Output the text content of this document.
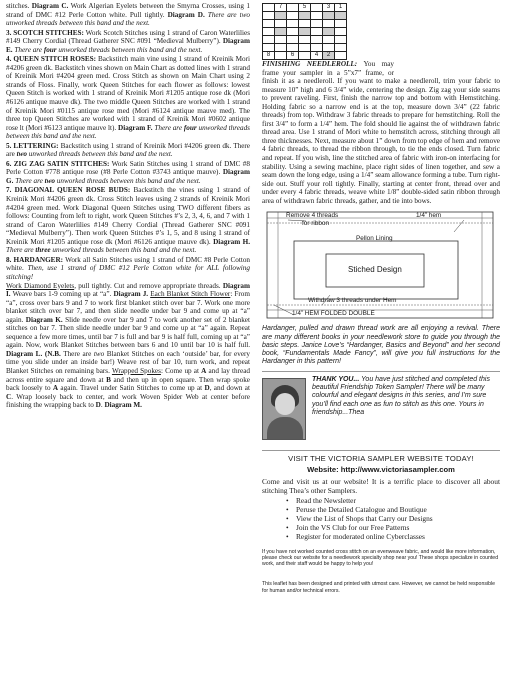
stitches. Diagram C. Work Algerian Eyelets between the Smyrna Crosses, using 1 strand of DMC #12 Perle Cotton white. Pull tightly. Diagram D. There are two unworked threads between this band and the next.

3. SCOTCH STITCHES: Work Scotch Stitches using 1 strand of Caron Waterlilies #149 Cherry Cordial (Thread Gatherer SNC #091 “Medieval Mulberry”). Diagram E. There are four unworked threads between this band and the next.

4. QUEEN STITCH ROSES: Backstitch main vine using 1 strand of Kreinik Mori #4206 green dk. Backstitch vines shown on Main Chart as dotted lines with 1 strand of Kreinik Mori #4204 green med. Cross Stitch as shown on Main Chart using 2 strands of Floss. Finally, work Queen Stitches for each flower as follows: lowest Queen Stitch is worked with 1 strand of Kreinik Mori #1205 antique rose dk (Mori #6126 antique mauve dk). The two middle Queen Stitches are worked with 1 strand of Kreinik Mori #0115 antique rose med (Mori #6124 antique mauve med). The three top Queen Stitches are worked with 1 strand of Kreinik Mori #0602 antique rose lt (Mori #6123 antique mauve lt). Diagram F. There are four unworked threads between this band and the next.

5. LETTERING: Backstitch using 1 strand of Kreinik Mori #4206 green dk. There are two unworked threads between this band and the next.

6. ZIG ZAG SATIN STITCHES: Work Satin Stitches using 1 strand of DMC #8 Perle Cotton #778 antique rose (#8 Perle Cotton #3743 antique mauve). Diagram G. There are two unworked threads between this band and the next.

7. DIAGONAL QUEEN ROSE BUDS: Backstitch the vines using 1 strand of Kreinik Mori #4206 green dk. Cross Stitch leaves using 2 strands of Kreinik Mori #4204 green med. Work Diagonal Queen Stitches using TWO different fibers as follows: Counting from left to right, work Queen Stitches #’s 2, 3, 4, 6, and 7 with 1 strand of Caron Waterlilies #149 Cherry Cordial (Thread Gatherer SNC #091 “Medieval Mulberry”). Then work Queen Stitches #’s 1, 5, and 8 using 1 strand of Kreinik Mori #1205 antique rose dk (Mori #6126 antique mauve dk). Diagram H. There are three unworked threads between this band and the next.

8. HARDANGER: Work all Satin Stitches using 1 strand of DMC #8 Perle Cotton white. Then, use 1 strand of DMC #12 Perle Cotton white for ALL following stitching!
Work Diamond Eyelets, pull tightly. Cut and remove appropriate threads. Diagram I. Weave bars 1-9 coming up at “a”. Diagram J. Each Blanket Stitch Flower: From “a”, cross over bars 9 and 7 to work first blanket stitch over bar 7. Work one more blanket stitch over bar 7, and then slide needle under bar 9 and come up at “a” again. Diagram K. Slide needle over bar 9 and 7 to work another set of 2 blanket stitches on bar 7. Then slide needle under bar 9 and come up at “a” again. Repeat sequence a few more times, until bar 7 is full and bar 9 is half full, coming up at “a” again. Now, work Blanket Stitches between bars 6 and 10 until bar 10 is half full. Diagram L. (N.B. There are two Blanket Stitches on each ‘outside’ bar, for every time you slide under an inside bar!) Weave rest of bar 10, turn work, and repeat Blanket Stitches on remaining bars. Wrapped Spokes: Come up at A and lay thread across entire square and down at B and then up in open square. Then wrap spoke back loosely to A again. Travel under Satin Stitches to come up at D, and down at C. Wrap loosely back to center, and work Woven Spider Web at center before finishing the wrapping back to D. Diagram M.

	7		5		3	1

8		6		4	2	
FINISHING NEEDLEROLL: You may frame your sampler in a 5”x7” frame, or finish it as a needleroll. If you want to make a needleroll, trim your fabric to measure 10” high and 6 3/4” wide, centering the design. Zig zag your side seams to prevent raveling. First, finish the narrow top and bottom with Hemstitching. Holding fabric so a narrow end is at the top, measure down 3/4” (22 fabric threads) from top. Withdraw 3 fabric threads to prepare for hemstitching. Roll the first 3/4” to form a 1/4” hem. The fold should lie against the of withdrawn fabric thread area. Use 1 strand of Mori white to hemstitch across, stitching through all three thicknesses. Next, measure about 1” down from top edge of hem and remove 4 fabric threads, to thread the ribbon through, to tie the ends closed. Turn fabric and repeat. If you wish, line the stitched area of fabric with iron-on interfacing for stability. Using a sewing machine, place right sides of linen together, and sew a seam down the long edge, using a 1/4” seam allowance forming a tube. Turn right-side out. Stuff your roll tightly. Finally, starting at center front, thread over and under every 4 fabric threads, weave white 1/8” double-sided satin ribbon through area of withdrawn fabric threads, gather, and tie into bows.

Remove 4 threads
for ribbon
1/4” hem
Pellon Lining
Stiched Design
Withdraw 3 threads under Hem
1/4” HEM FOLDED DOUBLE

Hardanger, pulled and drawn thread work are all enjoying a revival. There are many different books in your needlework store to guide you through the basic steps. Janice Love’s “Hardanger, Basics and Beyond” and her second book, “Fundamentals Made Fancy”, will give you full instructions for the Hardanger in this pattern!

THANK YOU... You have just stitched and completed this beautiful Friendship Token Sampler! There will be many colourful and elegant designs in this series, and I’m sure you’ll find each one as fun to stitch as this one. Yours in friendship...Thea

VISIT THE VICTORIA SAMPLER WEBSITE TODAY!
Website: http://www.victoriasampler.com

Come and visit us at our website! It is a terrific place to discover all about stitching Thea’s other Samplers.

• Read the Newsletter
• Peruse the Detailed Catalogue and Boutique
• View the List of Shops that Carry our Designs
• Join the VS Club for our Free Patterns
• Register for moderated online Cyberclasses

If you have not worked counted cross stitch on an evenweave fabric, and would like more information, please check our website for a needlework specialty shop near you! These shops specialize in counted work, and their staff would be happy to help you!

This leaflet has been designed and printed with utmost care. However, we cannot be held responsible for human and/or technical errors.
